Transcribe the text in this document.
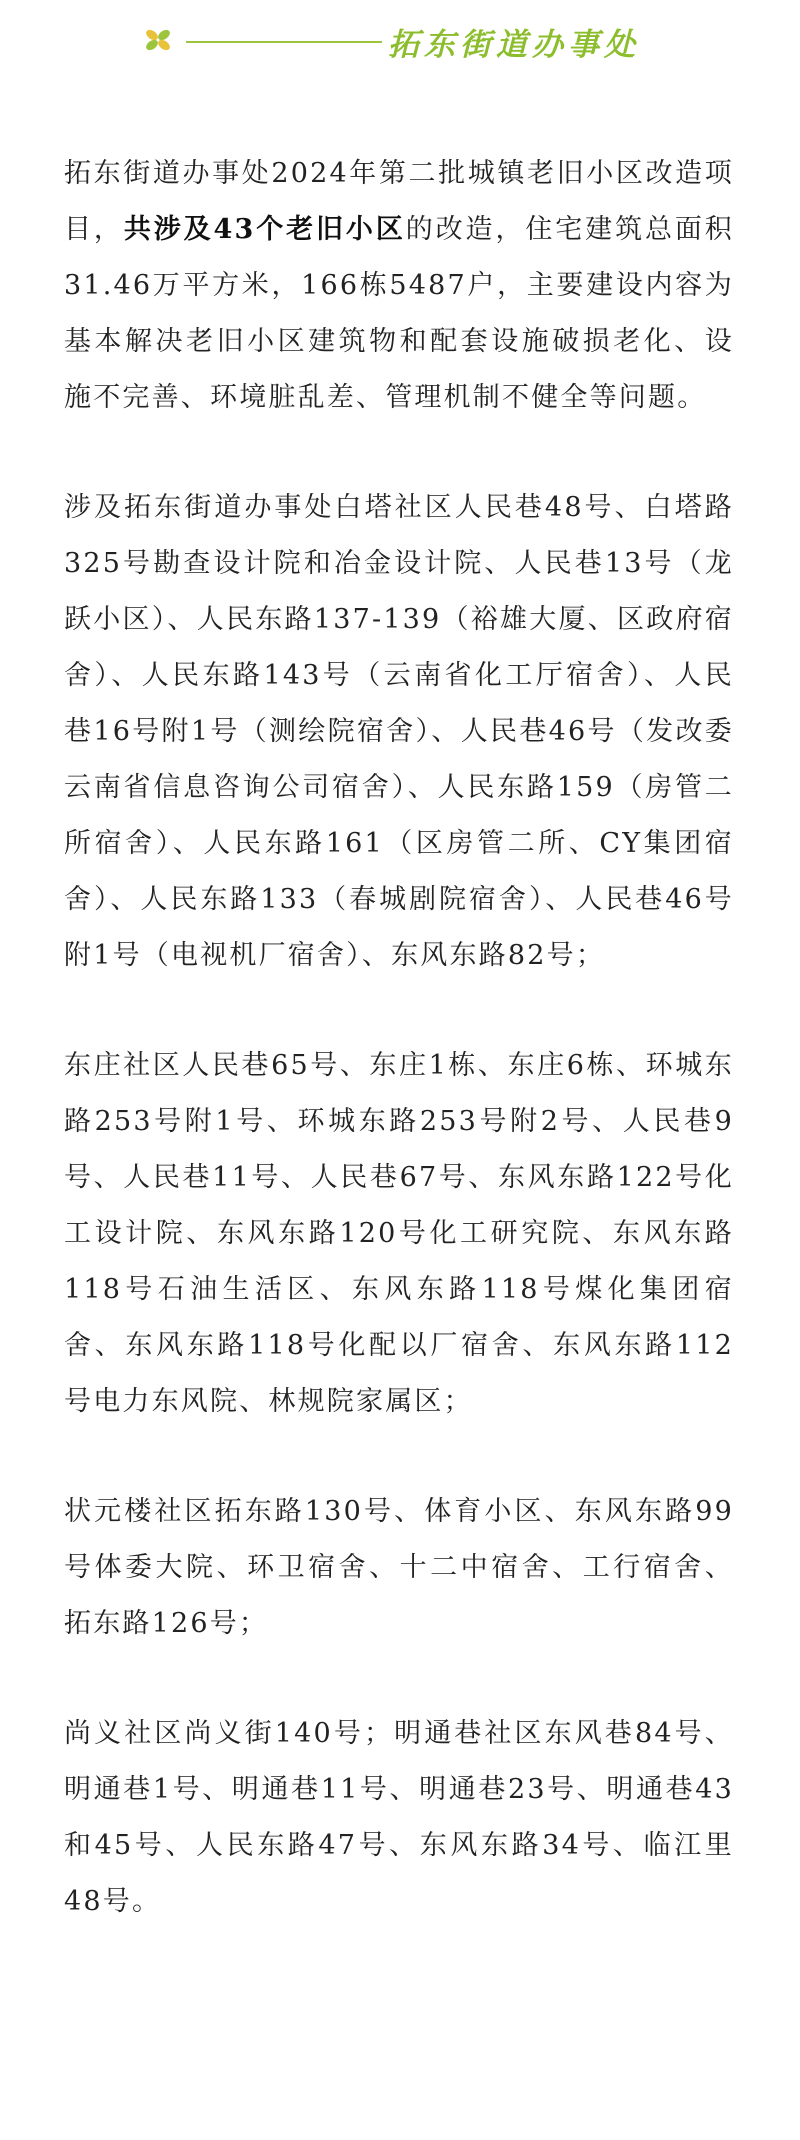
拓东街道办事处

拓东街道办事处2024年第二批城镇老旧小区改造项目，共涉及43个老旧小区的改造，住宅建筑总面积31.46万平方米，166栋5487户，主要建设内容为基本解决老旧小区建筑物和配套设施破损老化、设施不完善、环境脏乱差、管理机制不健全等问题。

涉及拓东街道办事处白塔社区人民巷48号、白塔路325号勘查设计院和冶金设计院、人民巷13号（龙跃小区）、人民东路137-139（裕雄大厦、区政府宿舍）、人民东路143号（云南省化工厅宿舍）、人民巷16号附1号（测绘院宿舍）、人民巷46号（发改委云南省信息咨询公司宿舍）、人民东路159（房管二所宿舍）、人民东路161（区房管二所、CY集团宿舍）、人民东路133（春城剧院宿舍）、人民巷46号附1号（电视机厂宿舍）、东风东路82号；

东庄社区人民巷65号、东庄1栋、东庄6栋、环城东路253号附1号、环城东路253号附2号、人民巷9号、人民巷11号、人民巷67号、东风东路122号化工设计院、东风东路120号化工研究院、东风东路118号石油生活区、东风东路118号煤化集团宿舍、东风东路118号化配以厂宿舍、东风东路112号电力东风院、林规院家属区；

状元楼社区拓东路130号、体育小区、东风东路99号体委大院、环卫宿舍、十二中宿舍、工行宿舍、拓东路126号；

尚义社区尚义街140号；明通巷社区东风巷84号、明通巷1号、明通巷11号、明通巷23号、明通巷43和45号、人民东路47号、东风东路34号、临江里48号。
